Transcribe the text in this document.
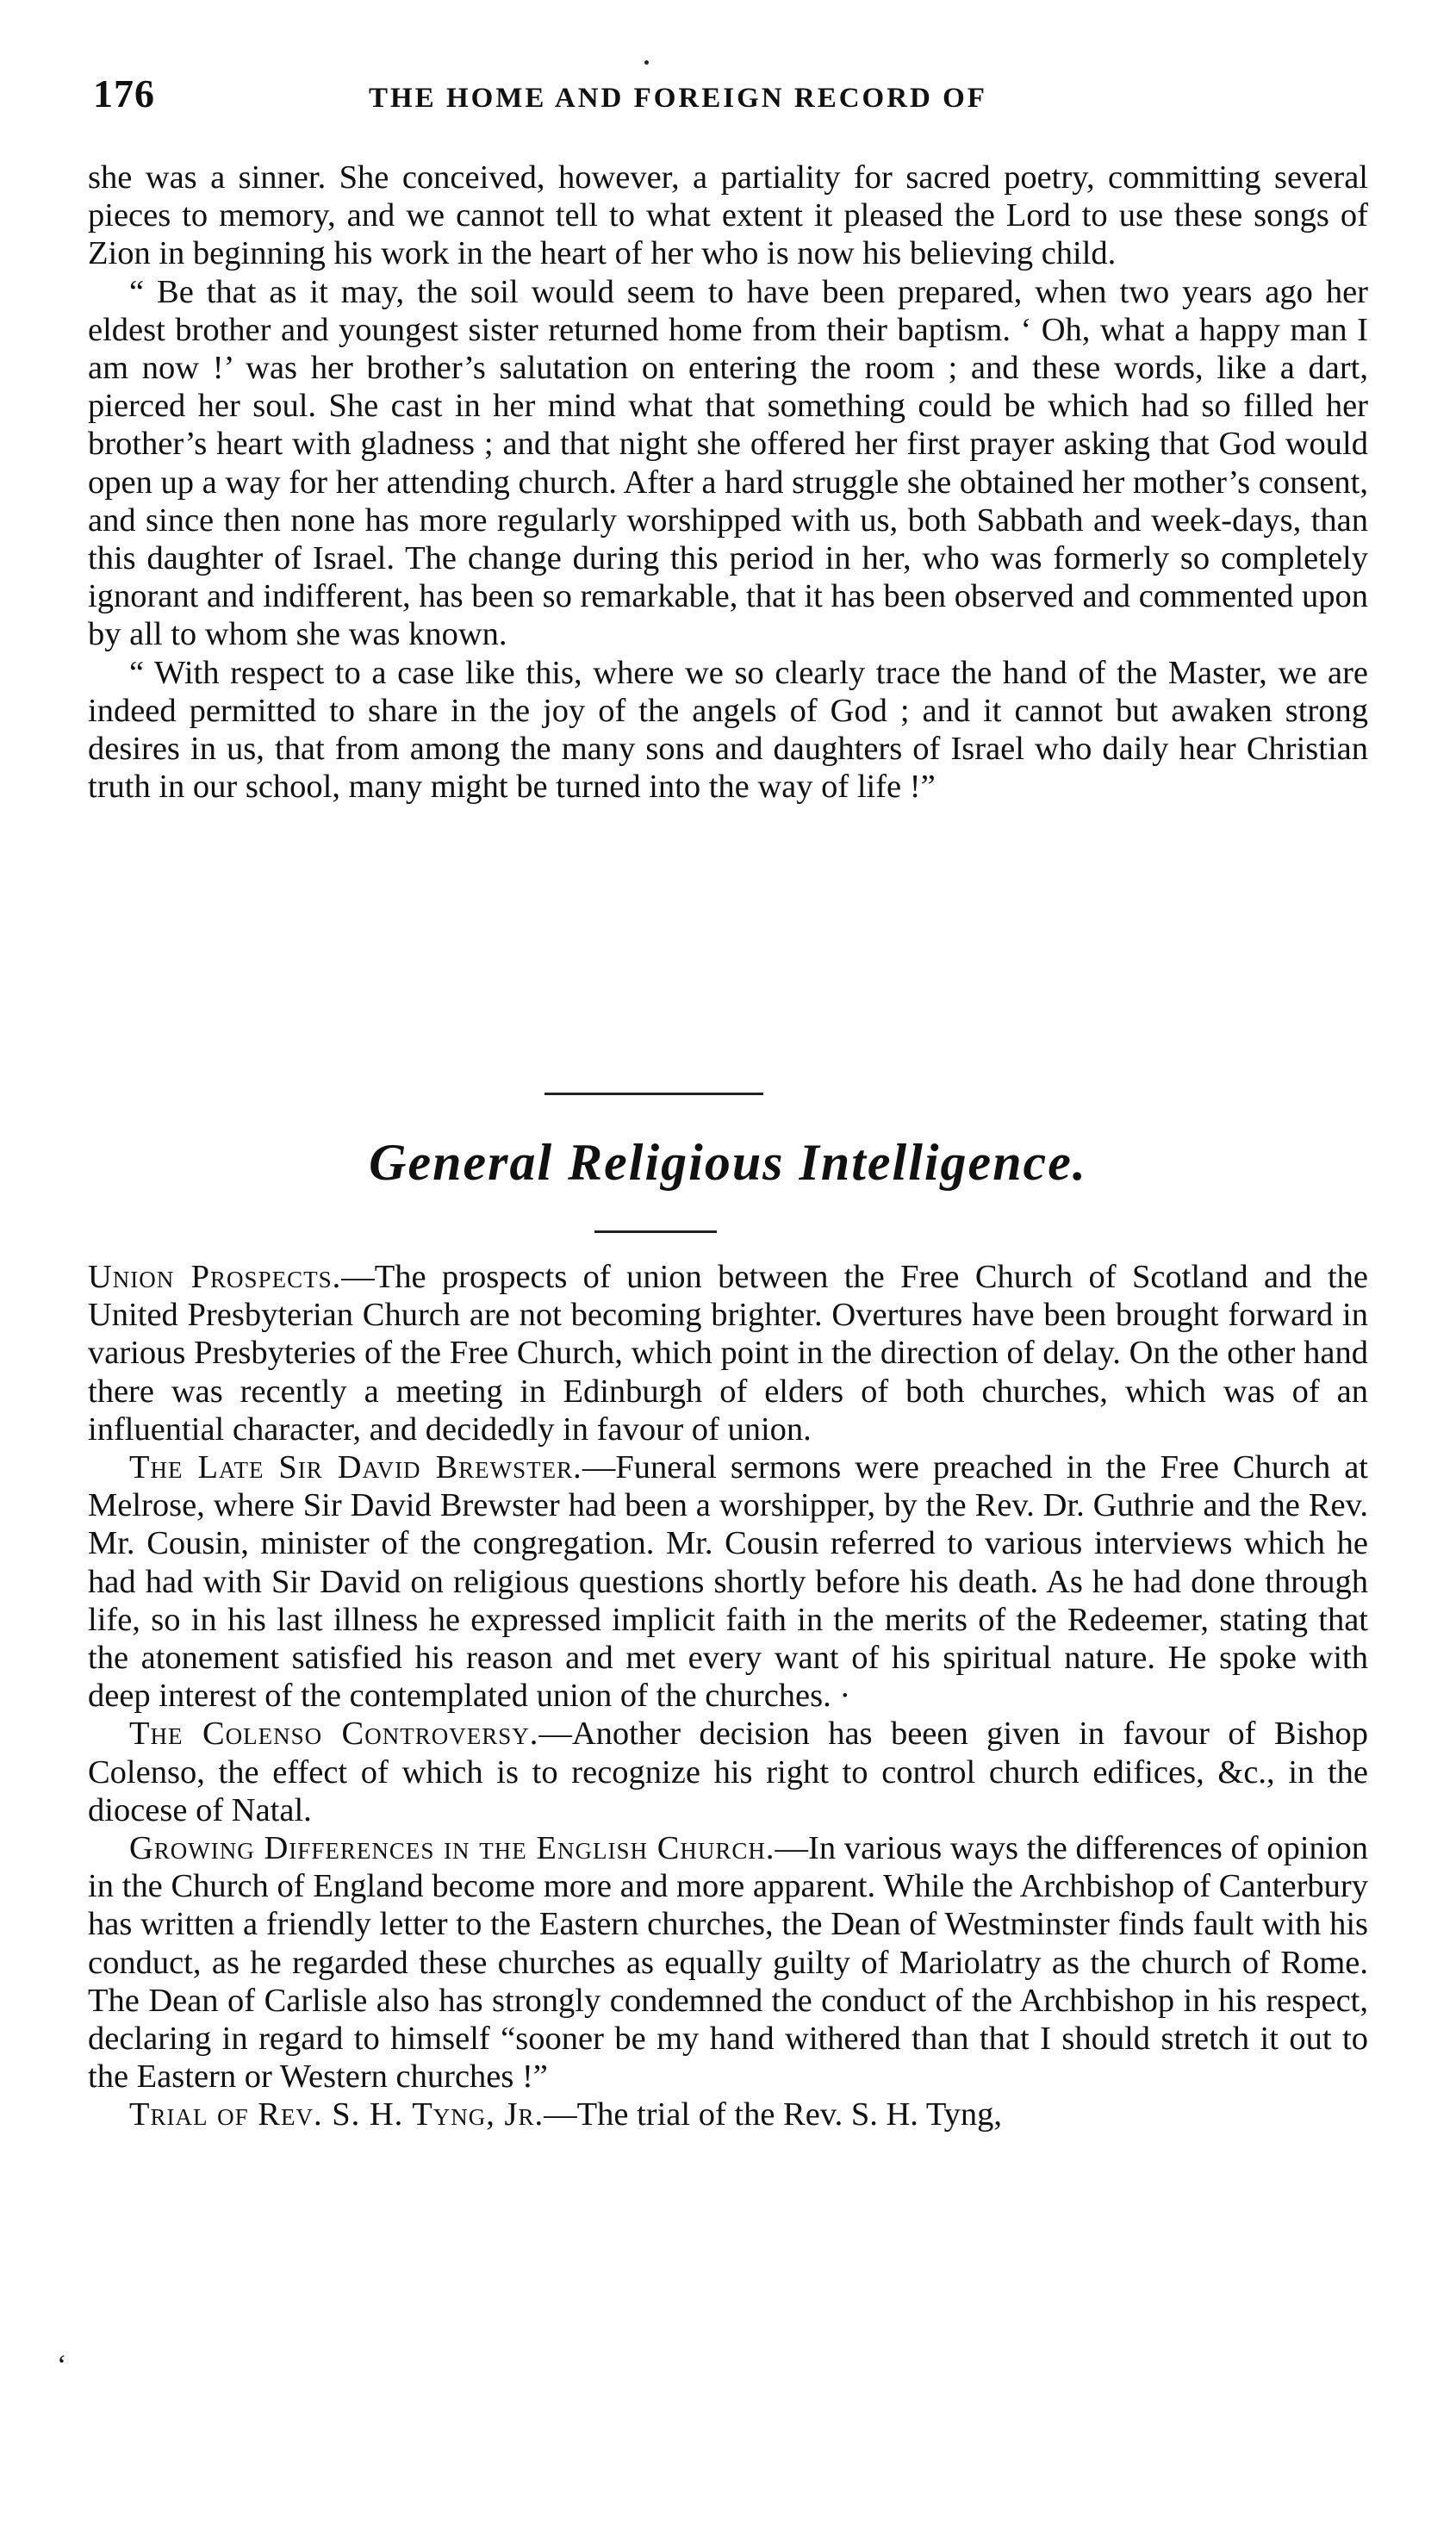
176	THE HOME AND FOREIGN RECORD OF

she was a sinner. She conceived, however, a partiality for sacred poetry, committing several pieces to memory, and we cannot tell to what extent it pleased the Lord to use these songs of Zion in beginning his work in the heart of her who is now his believing child.

“ Be that as it may, the soil would seem to have been prepared, when two years ago her eldest brother and youngest sister returned home from their baptism. ‘ Oh, what a happy man I am now !’ was her brother’s salutation on entering the room ; and these words, like a dart, pierced her soul. She cast in her mind what that something could be which had so filled her brother’s heart with gladness ; and that night she offered her first prayer asking that God would open up a way for her attending church. After a hard struggle she obtained her mother’s consent, and since then none has more regularly worshipped with us, both Sabbath and week-days, than this daughter of Israel. The change during this period in her, who was formerly so completely ignorant and indifferent, has been so remarkable, that it has been observed and commented upon by all to whom she was known.

“ With respect to a case like this, where we so clearly trace the hand of the Master, we are indeed permitted to share in the joy of the angels of God ; and it cannot but awaken strong desires in us, that from among the many sons and daughters of Israel who daily hear Christian truth in our school, many might be turned into the way of life !”

General Religious Intelligence.

Union Prospects.—The prospects of union between the Free Church of Scotland and the United Presbyterian Church are not becoming brighter. Overtures have been brought forward in various Presbyteries of the Free Church, which point in the direction of delay. On the other hand there was recently a meeting in Edinburgh of elders of both churches, which was of an influential character, and decidedly in favour of union.

The Late Sir David Brewster.—Funeral sermons were preached in the Free Church at Melrose, where Sir David Brewster had been a worshipper, by the Rev. Dr. Guthrie and the Rev. Mr. Cousin, minister of the congregation. Mr. Cousin referred to various interviews which he had had with Sir David on religious questions shortly before his death. As he had done through life, so in his last illness he expressed implicit faith in the merits of the Redeemer, stating that the atonement satisfied his reason and met every want of his spiritual nature. He spoke with deep interest of the contemplated union of the churches. ·

The Colenso Controversy.—Another decision has beeen given in favour of Bishop Colenso, the effect of which is to recognize his right to control church edifices, &c., in the diocese of Natal.

Growing Differences in the English Church.—In various ways the differences of opinion in the Church of England become more and more apparent. While the Archbishop of Canterbury has written a friendly letter to the Eastern churches, the Dean of Westminster finds fault with his conduct, as he regarded these churches as equally guilty of Mariolatry as the church of Rome. The Dean of Carlisle also has strongly condemned the conduct of the Archbishop in his respect, declaring in regard to himself “sooner be my hand withered than that I should stretch it out to the Eastern or Western churches !”

Trial of Rev. S. H. Tyng, Jr.—The trial of the Rev. S. H. Tyng,

‘
